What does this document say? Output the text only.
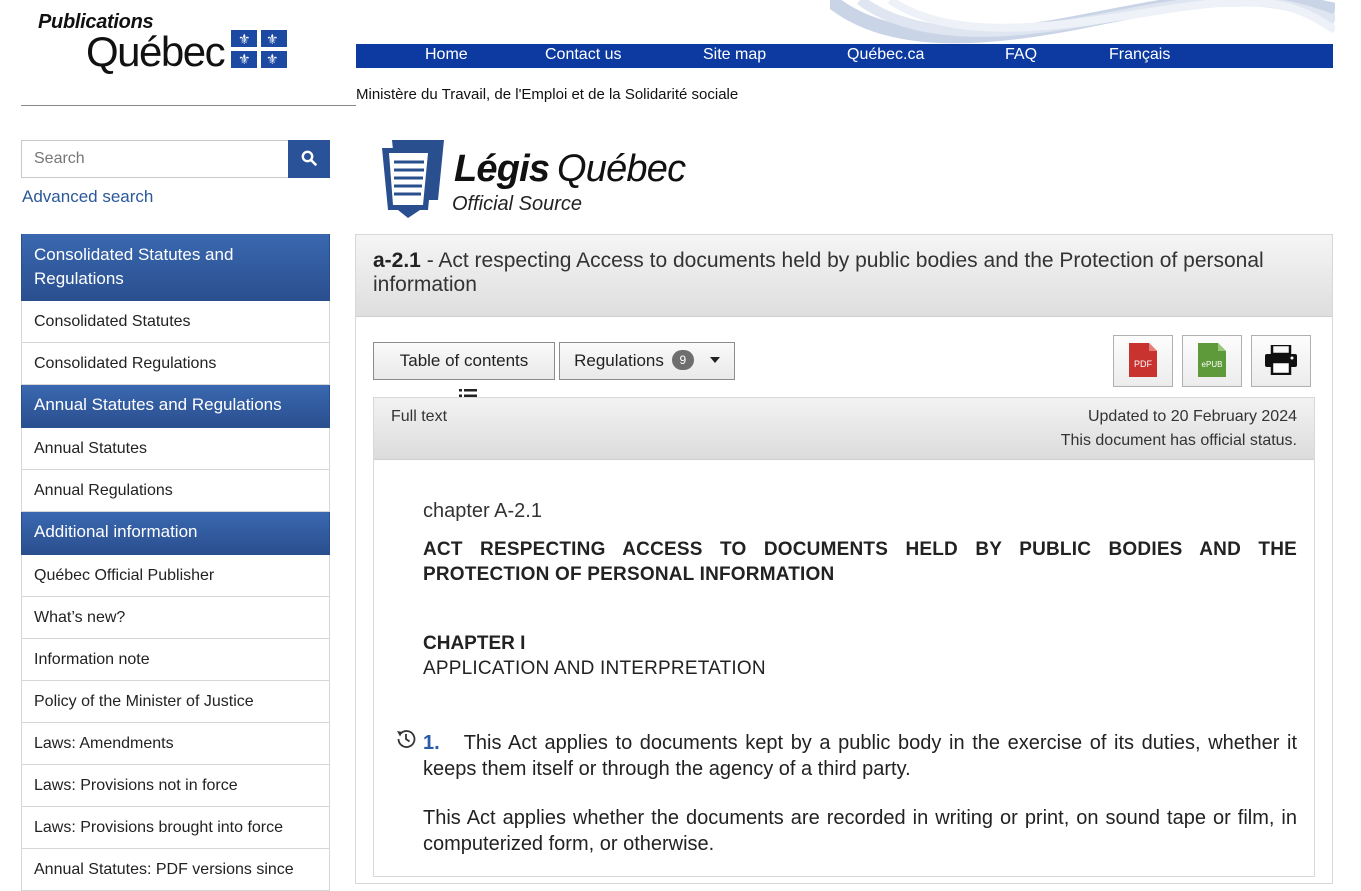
Publications
Québec ⚜ ⚜
⚜ ⚜	Home	Contact us	Site map	Québec.ca	FAQ	Français
Ministère du Travail, de l'Emploi et de la Solidarité sociale
Search
Advanced search
Consolidated Statutes and Regulations
Consolidated Statutes
Consolidated Regulations
Annual Statutes and Regulations
Annual Statutes
Annual Regulations
Additional information
Québec Official Publisher
What’s new?
Information note
Policy of the Minister of Justice
Laws: Amendments
Laws: Provisions not in force
Laws: Provisions brought into force
Annual Statutes: PDF versions since
Légis Québec
Official Source
a-2.1 - Act respecting Access to documents held by public bodies and the Protection of personal information
Table of contents	Regulations 9	PDF	ePUB
Full text	Updated to 20 February 2024
This document has official status.
chapter A-2.1
ACT RESPECTING ACCESS TO DOCUMENTS HELD BY PUBLIC BODIES AND THE PROTECTION OF PERSONAL INFORMATION
CHAPTER I
APPLICATION AND INTERPRETATION
1. This Act applies to documents kept by a public body in the exercise of its duties, whether it keeps them itself or through the agency of a third party.
This Act applies whether the documents are recorded in writing or print, on sound tape or film, in computerized form, or otherwise.
